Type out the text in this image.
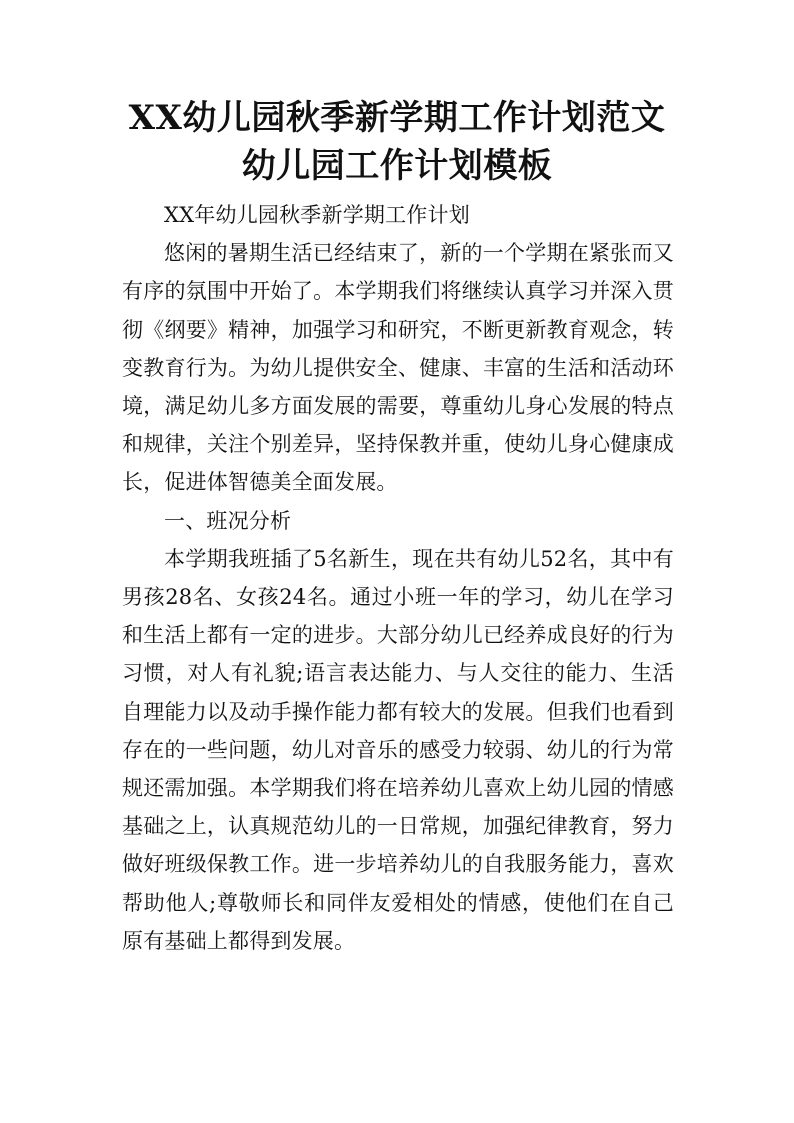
XX幼儿园秋季新学期工作计划范文 幼儿园工作计划模板

XX年幼儿园秋季新学期工作计划

悠闲的暑期生活已经结束了，新的一个学期在紧张而又有序的氛围中开始了。本学期我们将继续认真学习并深入贯彻《纲要》精神，加强学习和研究，不断更新教育观念，转变教育行为。为幼儿提供安全、健康、丰富的生活和活动环境，满足幼儿多方面发展的需要，尊重幼儿身心发展的特点和规律，关注个别差异，坚持保教并重，使幼儿身心健康成长，促进体智德美全面发展。

一、班况分析

本学期我班插了5名新生，现在共有幼儿52名，其中有男孩28名、女孩24名。通过小班一年的学习，幼儿在学习和生活上都有一定的进步。大部分幼儿已经养成良好的行为习惯，对人有礼貌;语言表达能力、与人交往的能力、生活自理能力以及动手操作能力都有较大的发展。但我们也看到存在的一些问题，幼儿对音乐的感受力较弱、幼儿的行为常规还需加强。本学期我们将在培养幼儿喜欢上幼儿园的情感基础之上，认真规范幼儿的一日常规，加强纪律教育，努力做好班级保教工作。进一步培养幼儿的自我服务能力，喜欢帮助他人;尊敬师长和同伴友爱相处的情感，使他们在自己原有基础上都得到发展。
